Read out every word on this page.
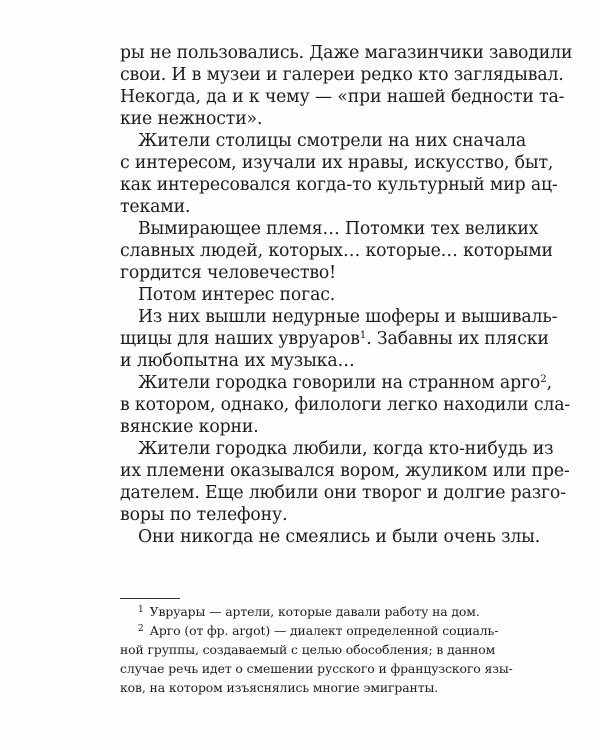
ры не пользовались. Даже магазинчики заводили
свои. И в музеи и галереи редко кто заглядывал.
Некогда, да и к чему — «при нашей бедности та-
кие нежности».
Жители столицы смотрели на них сначала
с интересом, изучали их нравы, искусство, быт,
как интересовался когда-то культурный мир ац-
теками.
Вымирающее племя… Потомки тех великих
славных людей, которых… которые… которыми
гордится человечество!
Потом интерес погас.
Из них вышли недурные шоферы и вышиваль-
щицы для наших увруаров$^1$. Забавны их пляски
и любопытна их музыка…
Жители городка говорили на странном арго$^2$,
в котором, однако, филологи легко находили сла-
вянские корни.
Жители городка любили, когда кто-нибудь из
их племени оказывался вором, жуликом или пре-
дателем. Еще любили они творог и долгие разго-
воры по телефону.
Они никогда не смеялись и были очень злы.
$^1$ Увруары — артели, которые давали работу на дом.
$^2$ Арго (от фр. argot) — диалект определенной социаль-
ной группы, создаваемый с целью обособления; в данном
случае речь идет о смешении русского и французского язы-
ков, на котором изъяснялись многие эмигранты.
